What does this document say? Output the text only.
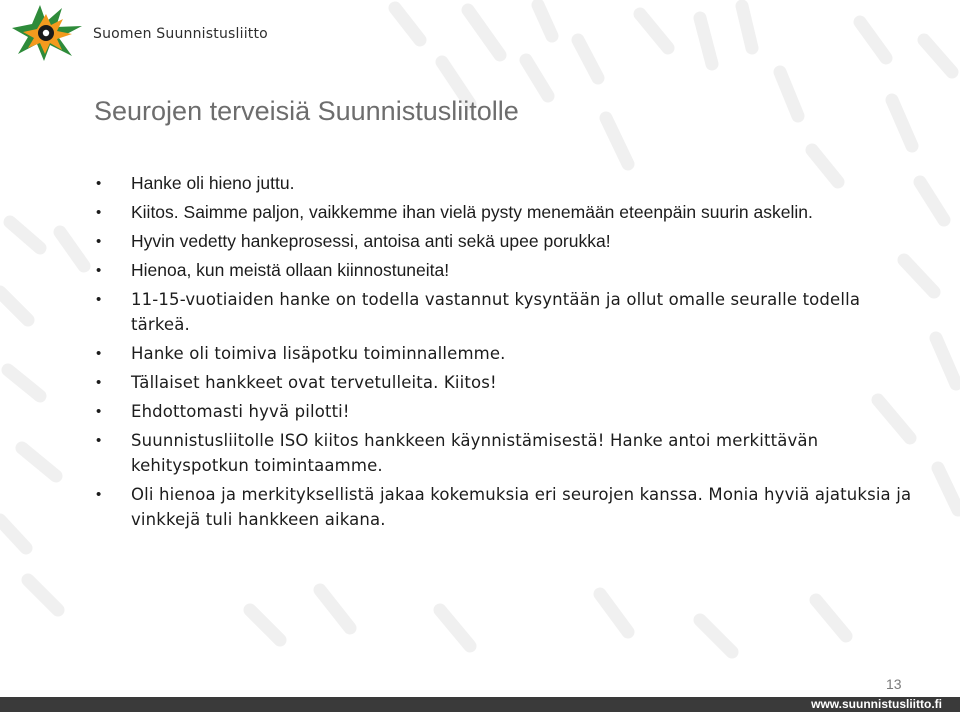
Suomen Suunnistusliitto
Seurojen terveisiä Suunnistusliitolle
• Hanke oli hieno juttu.
• Kiitos. Saimme paljon, vaikkemme ihan vielä pysty menemään eteenpäin suurin askelin.
• Hyvin vedetty hankeprosessi, antoisa anti sekä upee porukka!
• Hienoa, kun meistä ollaan kiinnostuneita!
• 11-15-vuotiaiden hanke on todella vastannut kysyntään ja ollut omalle seuralle todella tärkeä.
• Hanke oli toimiva lisäpotku toiminnallemme.
• Tällaiset hankkeet ovat tervetulleita. Kiitos!
• Ehdottomasti hyvä pilotti!
• Suunnistusliitolle ISO kiitos hankkeen käynnistämisestä! Hanke antoi merkittävän kehityspotkun toimintaamme.
• Oli hienoa ja merkityksellistä jakaa kokemuksia eri seurojen kanssa. Monia hyviä ajatuksia ja vinkkejä tuli hankkeen aikana.
13
www.suunnistusliitto.fi
